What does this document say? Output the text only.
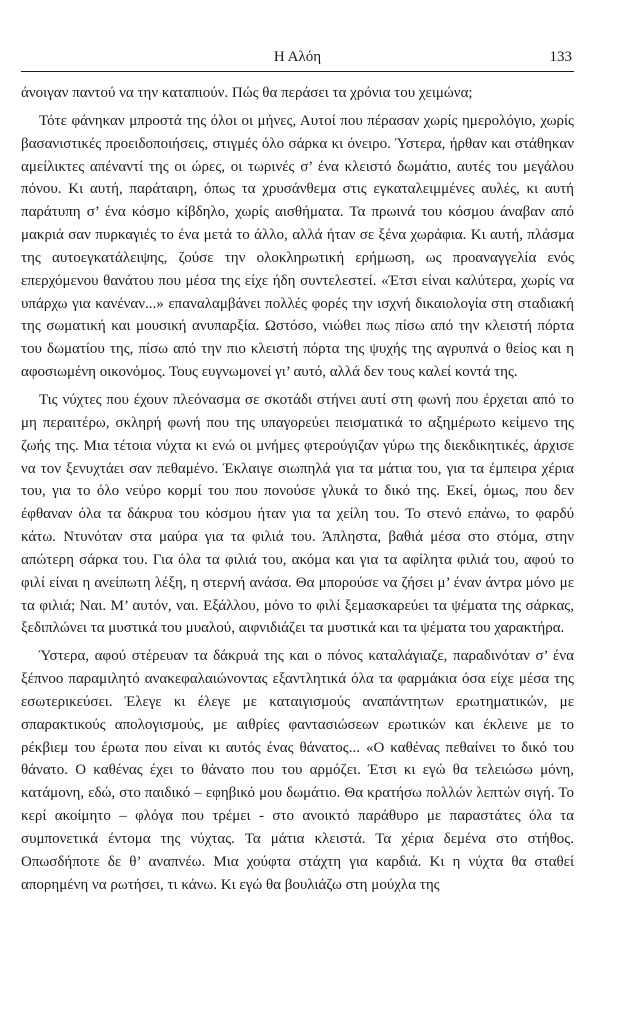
Η Αλόη	133

άνοιγαν παντού να την καταπιούν. Πώς θα περάσει τα χρόνια του χειμώνα;

Τότε φάνηκαν μπροστά της όλοι οι μήνες, Αυτοί που πέρασαν χωρίς ημερολόγιο, χωρίς βασανιστικές προειδοποιήσεις, στιγμές όλο σάρκα κι όνειρο. Ύστερα, ήρθαν και στάθηκαν αμείλικτες απέναντί της οι ώρες, οι τωρινές σ’ ένα κλειστό δωμάτιο, αυτές του μεγάλου πόνου. Κι αυτή, παράταιρη, όπως τα χρυσάνθεμα στις εγκαταλειμμένες αυλές, κι αυτή παράτυπη σ’ ένα κόσμο κίβδηλο, χωρίς αισθήματα. Τα πρωινά του κόσμου άναβαν από μακριά σαν πυρκαγιές το ένα μετά το άλλο, αλλά ήταν σε ξένα χωράφια. Κι αυτή, πλάσμα της αυτοεγκατάλειψης, ζούσε την ολοκληρωτική ερήμωση, ως προαναγγελία ενός επερχόμενου θανάτου που μέσα της είχε ήδη συντελεστεί. «Έτσι είναι καλύτερα, χωρίς να υπάρχω για κανέναν...» επαναλαμβάνει πολλές φορές την ισχνή δικαιολογία στη σταδιακή της σωματική και μουσική ανυπαρξία. Ωστόσο, νιώθει πως πίσω από την κλειστή πόρτα του δωματίου της, πίσω από την πιο κλειστή πόρτα της ψυχής της αγρυπνά ο θείος και η αφοσιωμένη οικονόμος. Τους ευγνωμονεί γι’ αυτό, αλλά δεν τους καλεί κοντά της.

Τις νύχτες που έχουν πλεόνασμα σε σκοτάδι στήνει αυτί στη φωνή που έρχεται από το μη περαιτέρω, σκληρή φωνή που της υπαγορεύει πεισματικά το αξημέρωτο κείμενο της ζωής της. Μια τέτοια νύχτα κι ενώ οι μνήμες φτερούγιζαν γύρω της διεκδικητικές, άρχισε να τον ξενυχτάει σαν πεθαμένο. Έκλαιγε σιωπηλά για τα μάτια του, για τα έμπειρα χέρια του, για το όλο νεύρο κορμί του που πονούσε γλυκά το δικό της. Εκεί, όμως, που δεν έφθαναν όλα τα δάκρυα του κόσμου ήταν για τα χείλη του. Το στενό επάνω, το φαρδύ κάτω. Ντυνόταν στα μαύρα για τα φιλιά του. Άπληστα, βαθιά μέσα στο στόμα, στην απώτερη σάρκα του. Για όλα τα φιλιά του, ακόμα και για τα αφίλητα φιλιά του, αφού το φιλί είναι η ανείπωτη λέξη, η στερνή ανάσα. Θα μπορούσε να ζήσει μ’ έναν άντρα μόνο με τα φιλιά; Ναι. Μ’ αυτόν, ναι. Εξάλλου, μόνο το φιλί ξεμασκαρεύει τα ψέματα της σάρκας, ξεδιπλώνει τα μυστικά του μυαλού, αιφνιδιάζει τα μυστικά και τα ψέματα του χαρακτήρα.

Ύστερα, αφού στέρευαν τα δάκρυά της και ο πόνος καταλάγιαζε, παραδινόταν σ’ ένα ξέπνοο παραμιλητό ανακεφαλαιώνοντας εξαντλητικά όλα τα φαρμάκια όσα είχε μέσα της εσωτερικεύσει. Έλεγε κι έλεγε με καταιγισμούς αναπάντητων ερωτηματικών, με σπαρακτικούς απολογισμούς, με αιθρίες φαντασιώσεων ερωτικών και έκλεινε με το ρέκβιεμ του έρωτα που είναι κι αυτός ένας θάνατος... «Ο καθένας πεθαίνει το δικό του θάνατο. Ο καθένας έχει το θάνατο που του αρμόζει. Έτσι κι εγώ θα τελειώσω μόνη, κατάμονη, εδώ, στο παιδικό – εφηβικό μου δωμάτιο. Θα κρατήσω πολλών λεπτών σιγή. Το κερί ακοίμητο – φλόγα που τρέμει - στο ανοικτό παράθυρο με παραστάτες όλα τα συμπονετικά έντομα της νύχτας. Τα μάτια κλειστά. Τα χέρια δεμένα στο στήθος. Οπωσδήποτε δε θ’ αναπνέω. Μια χούφτα στάχτη για καρδιά. Κι η νύχτα θα σταθεί απορημένη να ρωτήσει, τι κάνω. Κι εγώ θα βουλιάζω στη μούχλα της
